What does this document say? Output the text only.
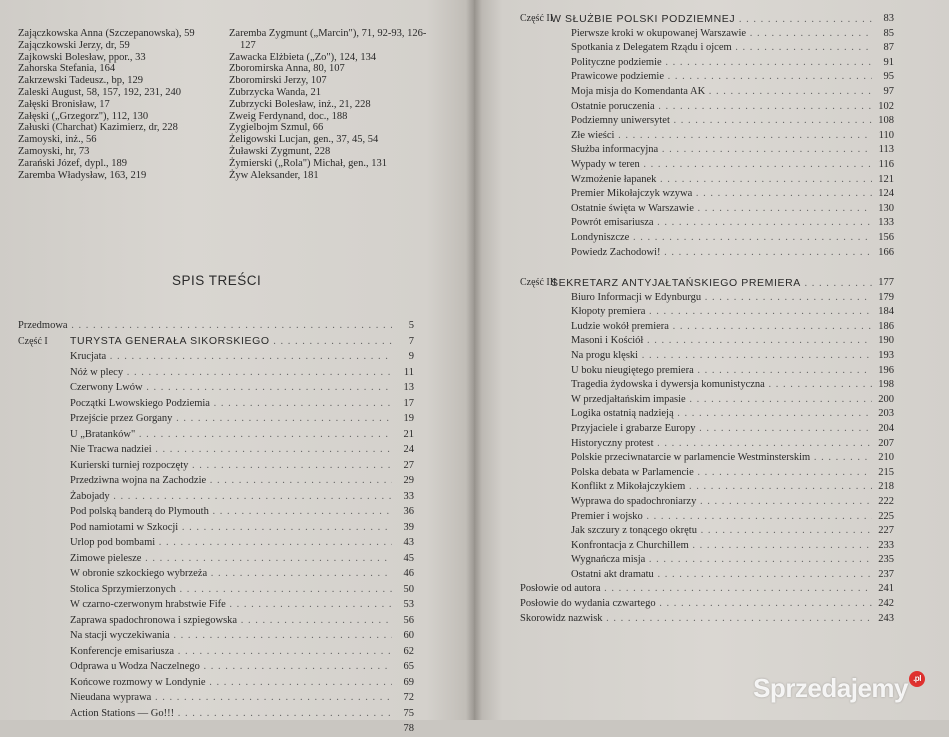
Zajączkowska Anna (Szczepanowska), 59
Zajączkowski Jerzy, dr, 59
Zajkowski Bolesław, ppor., 33
Zahorska Stefania, 164
Zakrzewski Tadeusz., bp, 129
Zaleski August, 58, 157, 192, 231, 240
Załęski Bronisław, 17
Załęski („Grzegorz"), 112, 130
Załuski (Charchat) Kazimierz, dr, 228
Zamoyski, inż., 56
Zamoyski, hr, 73
Zarański Józef, dypl., 189
Zaremba Władysław, 163, 219
Zaremba Zygmunt („Marcin"), 71, 92-93, 126-127
Zawacka Elżbieta („Zo"), 124, 134
Zboromirska Anna, 80, 107
Zboromirski Jerzy, 107
Zubrzycka Wanda, 21
Zubrzycki Bolesław, inż., 21, 228
Zweig Ferdynand, doc., 188
Zygielbojm Szmul, 66
Żeligowski Lucjan, gen., 37, 45, 54
Żuławski Zygmunt, 228
Żymierski („Rola") Michał, gen., 131
Żyw Aleksander, 181
SPIS TREŚCI
Przedmowa . . .	5
Część I TURYSTA GENERAŁA SIKORSKIEGO . . .	7
Krucjata . . .	9
Nóż w plecy . . .	11
Czerwony Lwów . . .	13
Początki Lwowskiego Podziemia . . .	17
Przejście przez Gorgany . . .	19
U „Bratanków" . . .	21
Nie Tracwa nadziei . . .	24
Kurierski turniej rozpoczęty . . .	27
Przedziwna wojna na Zachodzie . . .	29
Żabojady . . .	33
Pod polską banderą do Plymouth . . .	36
Pod namiotami w Szkocji . . .	39
Urlop pod bombami . . .	43
Zimowe pielesze . . .	45
W obronie szkockiego wybrzeża . . .	46
Stolica Sprzymierzonych . . .	50
W czarno-czerwonym hrabstwie Fife . . .	53
Zaprawa spadochronowa i szpiegowska . . .	56
Na stacji wyczekiwania . . .	60
Konferencje emisariusza . . .	62
Odprawa u Wodza Naczelnego . . .	65
Końcowe rozmowy w Londynie . . .	69
Nieudana wyprawa . . .	72
Action Stations — Go!!! . . .	75
78
Część II
W SŁUŻBIE POLSKI PODZIEMNEJ . . .	83
Pierwsze kroki w okupowanej Warszawie . . .	85
Spotkania z Delegatem Rządu i ojcem . . .	87
Polityczne podziemie . . .	91
Prawicowe podziemie . . .	95
Moja misja do Komendanta AK . . .	97
Ostatnie poruczenia . . .	102
Podziemny uniwersytet . . .	108
Złe wieści . . .	110
Służba informacyjna . . .	113
Wypady w teren . . .	116
Wzmożenie łapanek . . .	121
Premier Mikołajczyk wzywa . . .	124
Ostatnie święta w Warszawie . . .	130
Powrót emisariusza . . .	133
Londyniszcze . . .	156
Powiedz Zachodowi! . . .	166
Część III
SEKRETARZ ANTYJAŁTAŃSKIEGO PREMIERA . . .	177
Biuro Informacji w Edynburgu . . .	179
Kłopoty premiera . . .	184
Ludzie wokół premiera . . .	186
Masoni i Kościół . . .	190
Na progu klęski . . .	193
U boku nieugiętego premiera . . .	196
Tragedia żydowska i dywersja komunistyczna . . .	198
W przedjałtańskim impasie . . .	200
Logika ostatnią nadzieją . . .	203
Przyjaciele i grabarze Europy . . .	204
Historyczny protest . . .	207
Polskie przeciwnatarcie w parlamencie Westminsterskim . . .	210
Polska debata w Parlamencie . . .	215
Konflikt z Mikołajczykiem . . .	218
Wyprawa do spadochroniarzy . . .	222
Premier i wojsko . . .	225
Jak szczury z tonącego okrętu . . .	227
Konfrontacja z Churchillem . . .	233
Wygnańcza misja . . .	235
Ostatni akt dramatu . . .	237
Posłowie od autora . . .	241
Posłowie do wydania czwartego . . .	242
Skorowidz nazwisk . . .	243
Sprzedajemy .pl
